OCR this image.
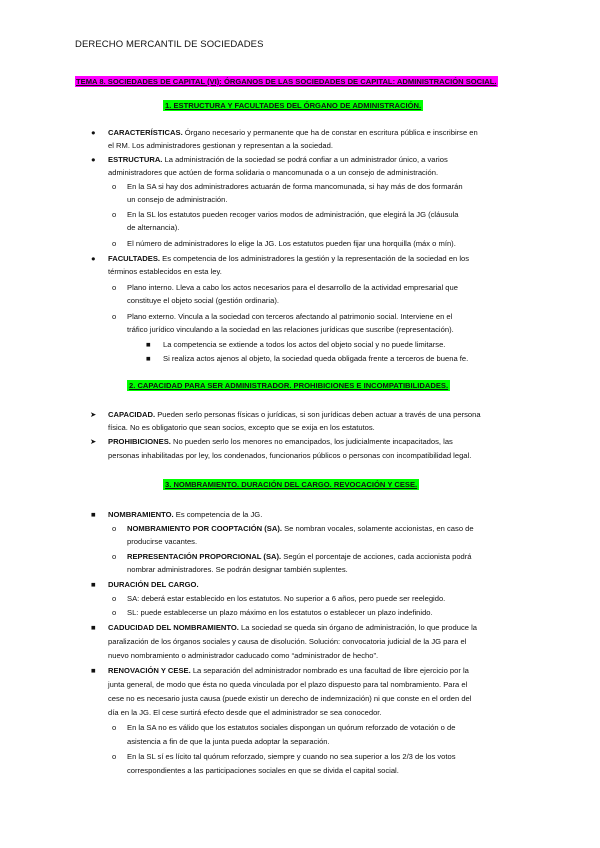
DERECHO MERCANTIL DE SOCIEDADES
TEMA 8. SOCIEDADES DE CAPITAL (VI): ÓRGANOS DE LAS SOCIEDADES DE CAPITAL: ADMINISTRACIÓN SOCIAL.
1. ESTRUCTURA Y FACULTADES DEL ÓRGANO DE ADMINISTRACIÓN.
● CARACTERÍSTICAS. Órgano necesario y permanente que ha de constar en escritura pública e inscribirse en
el RM. Los administradores gestionan y representan a la sociedad.
● ESTRUCTURA. La administración de la sociedad se podrá confiar a un administrador único, a varios
administradores que actúen de forma solidaria o mancomunada o a un consejo de administración.
o En la SA si hay dos administradores actuarán de forma mancomunada, si hay más de dos formarán
un consejo de administración.
o En la SL los estatutos pueden recoger varios modos de administración, que elegirá la JG (cláusula
de alternancia).
o El número de administradores lo elige la JG. Los estatutos pueden fijar una horquilla (máx o mín).
● FACULTADES. Es competencia de los administradores la gestión y la representación de la sociedad en los
términos establecidos en esta ley.
o Plano interno. Lleva a cabo los actos necesarios para el desarrollo de la actividad empresarial que
constituye el objeto social (gestión ordinaria).
o Plano externo. Vincula a la sociedad con terceros afectando al patrimonio social. Interviene en el
tráfico jurídico vinculando a la sociedad en las relaciones jurídicas que suscribe (representación).
■ La competencia se extiende a todos los actos del objeto social y no puede limitarse.
■ Si realiza actos ajenos al objeto, la sociedad queda obligada frente a terceros de buena fe.
2. CAPACIDAD PARA SER ADMINISTRADOR. PROHIBICIONES E INCOMPATIBILIDADES.
➤ CAPACIDAD. Pueden serlo personas físicas o jurídicas, si son jurídicas deben actuar a través de una persona
física. No es obligatorio que sean socios, excepto que se exija en los estatutos.
➤ PROHIBICIONES. No pueden serlo los menores no emancipados, los judicialmente incapacitados, las
personas inhabilitadas por ley, los condenados, funcionarios públicos o personas con incompatibilidad legal.
3. NOMBRAMIENTO. DURACIÓN DEL CARGO. REVOCACIÓN Y CESE.
■ NOMBRAMIENTO. Es competencia de la JG.
o NOMBRAMIENTO POR COOPTACIÓN (SA). Se nombran vocales, solamente accionistas, en caso de
producirse vacantes.
o REPRESENTACIÓN PROPORCIONAL (SA). Según el porcentaje de acciones, cada accionista podrá
nombrar administradores. Se podrán designar también suplentes.
■ DURACIÓN DEL CARGO.
o SA: deberá estar establecido en los estatutos. No superior a 6 años, pero puede ser reelegido.
o SL: puede establecerse un plazo máximo en los estatutos o establecer un plazo indefinido.
■ CADUCIDAD DEL NOMBRAMIENTO. La sociedad se queda sin órgano de administración, lo que produce la
paralización de los órganos sociales y causa de disolución. Solución: convocatoria judicial de la JG para el
nuevo nombramiento o administrador caducado como “administrador de hecho”.
■ RENOVACIÓN Y CESE. La separación del administrador nombrado es una facultad de libre ejercicio por la
junta general, de modo que ésta no queda vinculada por el plazo dispuesto para tal nombramiento. Para el
cese no es necesario justa causa (puede existir un derecho de indemnización) ni que conste en el orden del
día en la JG. El cese surtirá efecto desde que el administrador se sea conocedor.
o En la SA no es válido que los estatutos sociales dispongan un quórum reforzado de votación o de
asistencia a fin de que la junta pueda adoptar la separación.
o En la SL sí es lícito tal quórum reforzado, siempre y cuando no sea superior a los 2/3 de los votos
correspondientes a las participaciones sociales en que se divida el capital social.
